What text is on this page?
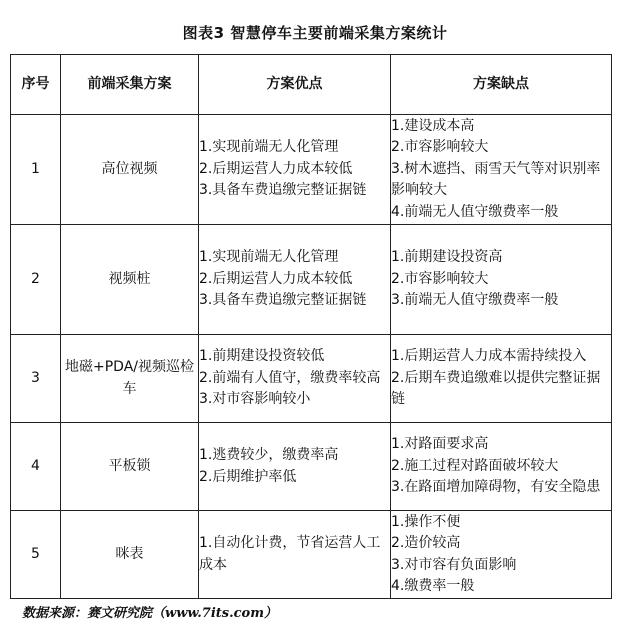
图表3 智慧停车主要前端采集方案统计
序号	前端采集方案	方案优点	方案缺点
1	高位视频	1.实现前端无人化管理
2.后期运营人力成本较低
3.具备车费追缴完整证据链	1.建设成本高
2.市容影响较大
3.树木遮挡、雨雪天气等对识别率影响较大
4.前端无人值守缴费率一般

2	视频桩	1.实现前端无人化管理
2.后期运营人力成本较低
3.具备车费追缴完整证据链	1.前期建设投资高
2.市容影响较大
3.前端无人值守缴费率一般

3	地磁+PDA/视频巡检车	1.前期建设投资较低
2.前端有人值守，缴费率较高
3.对市容影响较小	1.后期运营人力成本需持续投入
2.后期车费追缴难以提供完整证据链

4	平板锁	1.逃费较少，缴费率高
2.后期维护率低	1.对路面要求高
2.施工过程对路面破坏较大
3.在路面增加障碍物，有安全隐患

5	咪表	1.自动化计费，节省运营人工成本	1.操作不便
2.造价较高
3.对市容有负面影响
4.缴费率一般
数据来源：赛文研究院（www.7its.com）
